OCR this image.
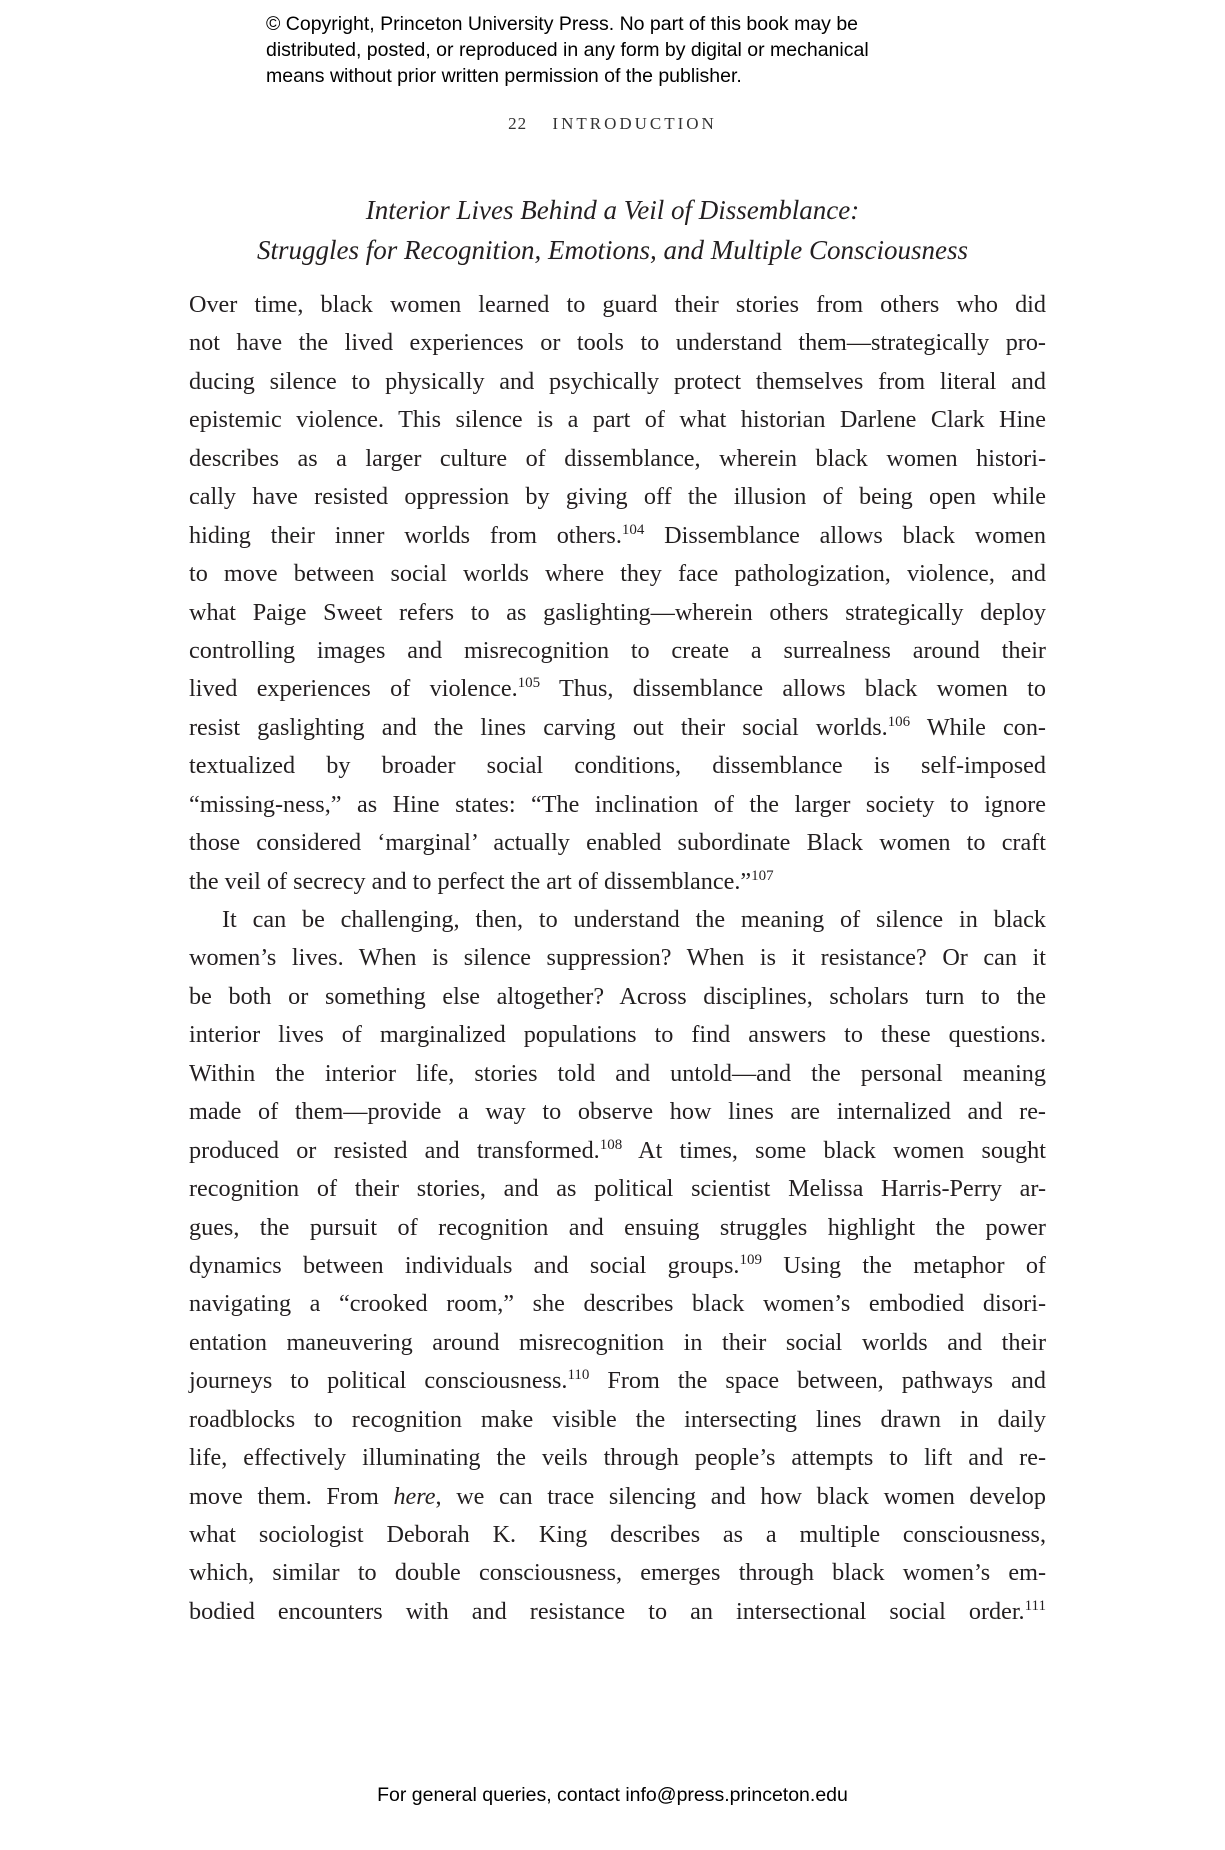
© Copyright, Princeton University Press. No part of this book may be
distributed, posted, or reproduced in any form by digital or mechanical
means without prior written permission of the publisher.
22 INTRODUCTION
Interior Lives Behind a Veil of Dissemblance:
Struggles for Recognition, Emotions, and Multiple Consciousness
Over time, black women learned to guard their stories from others who did
not have the lived experiences or tools to understand them—strategically pro-
ducing silence to physically and psychically protect themselves from literal and
epistemic violence. This silence is a part of what historian Darlene Clark Hine
describes as a larger culture of dissemblance, wherein black women histori-
cally have resisted oppression by giving off the illusion of being open while
hiding their inner worlds from others.$^{104}$ Dissemblance allows black women
to move between social worlds where they face pathologization, violence, and
what Paige Sweet refers to as gaslighting—wherein others strategically deploy
controlling images and misrecognition to create a surrealness around their
lived experiences of violence.$^{105}$ Thus, dissemblance allows black women to
resist gaslighting and the lines carving out their social worlds.$^{106}$ While con-
textualized by broader social conditions, dissemblance is self-imposed
“missing-ness,” as Hine states: “The inclination of the larger society to ignore
those considered ‘marginal’ actually enabled subordinate Black women to craft
the veil of secrecy and to perfect the art of dissemblance.”$^{107}$
It can be challenging, then, to understand the meaning of silence in black
women’s lives. When is silence suppression? When is it resistance? Or can it
be both or something else altogether? Across disciplines, scholars turn to the
interior lives of marginalized populations to find answers to these questions.
Within the interior life, stories told and untold—and the personal meaning
made of them—provide a way to observe how lines are internalized and re-
produced or resisted and transformed.$^{108}$ At times, some black women sought
recognition of their stories, and as political scientist Melissa Harris-Perry ar-
gues, the pursuit of recognition and ensuing struggles highlight the power
dynamics between individuals and social groups.$^{109}$ Using the metaphor of
navigating a “crooked room,” she describes black women’s embodied disori-
entation maneuvering around misrecognition in their social worlds and their
journeys to political consciousness.$^{110}$ From the space between, pathways and
roadblocks to recognition make visible the intersecting lines drawn in daily
life, effectively illuminating the veils through people’s attempts to lift and re-
move them. From here, we can trace silencing and how black women develop
what sociologist Deborah K. King describes as a multiple consciousness,
which, similar to double consciousness, emerges through black women’s em-
bodied encounters with and resistance to an intersectional social order.$^{111}$
For general queries, contact info@press.princeton.edu
